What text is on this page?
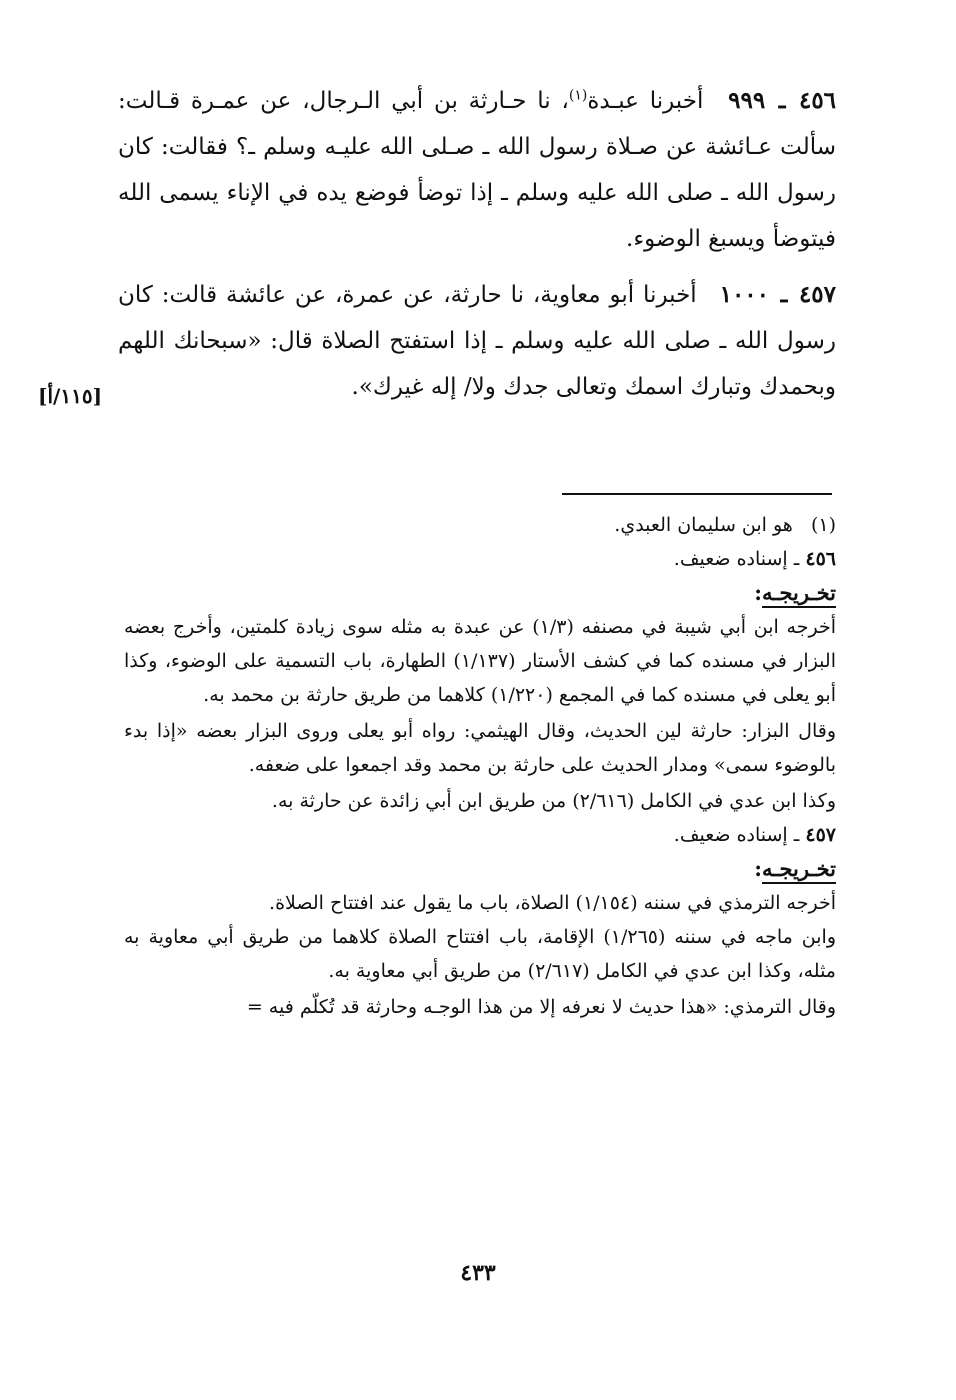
٤٥٦ ـ ٩٩٩ أخبرنا عبـدة$^{(١)}$، نا حـارثة بن أبي الـرجال، عن عمـرة قـالت: سألت عـائشة عن صـلاة رسول الله ـ صـلى الله عليـه وسلم ـ؟ فقالت: كان رسول الله ـ صلى الله عليه وسلم ـ إذا توضأ فوضع يده في الإناء يسمى الله فيتوضأ ويسبغ الوضوء.

٤٥٧ ـ ١٠٠٠ أخبرنا أبو معاوية، نا حارثة، عن عمرة، عن عائشة قالت: كان رسول الله ـ صلى الله عليه وسلم ـ إذا استفتح الصلاة قال: «سبحانك اللهم وبحمدك وتبارك اسمك وتعالى جدك ولا/ إله غيرك».

[١١٥/أ]

(١)   هو ابن سليمان العبدي.

٤٥٦ ـ إسناده ضعيف.

تخـريجـه:

أخرجه ابن أبي شيبة في مصنفه (١/٣) عن عبدة به مثله سوى زيادة كلمتين، وأخرج بعضه البزار في مسنده كما في كشف الأستار (١/١٣٧) الطهارة، باب التسمية على الوضوء، وكذا أبو يعلى في مسنده كما في المجمع (١/٢٢٠) كلاهما من طريق حارثة بن محمد به.

وقال البزار: حارثة لين الحديث، وقال الهيثمي: رواه أبو يعلى وروى البزار بعضه «إذا بدء بالوضوء سمى» ومدار الحديث على حارثة بن محمد وقد اجمعوا على ضعفه.

وكذا ابن عدي في الكامل (٢/٦١٦) من طريق ابن أبي زائدة عن حارثة به.

٤٥٧ ـ إسناده ضعيف.

تخـريجـه:

أخرجه الترمذي في سننه (١/١٥٤) الصلاة، باب ما يقول عند افتتاح الصلاة.

وابن ماجه في سننه (١/٢٦٥) الإقامة، باب افتتاح الصلاة كلاهما من طريق أبي معاوية به مثله، وكذا ابن عدي في الكامل (٢/٦١٧) من طريق أبي معاوية به.

وقال الترمذي: «هذا حديث لا نعرفه إلا من هذا الوجـه وحارثة قد تُكلّم فيه =

٤٣٣
